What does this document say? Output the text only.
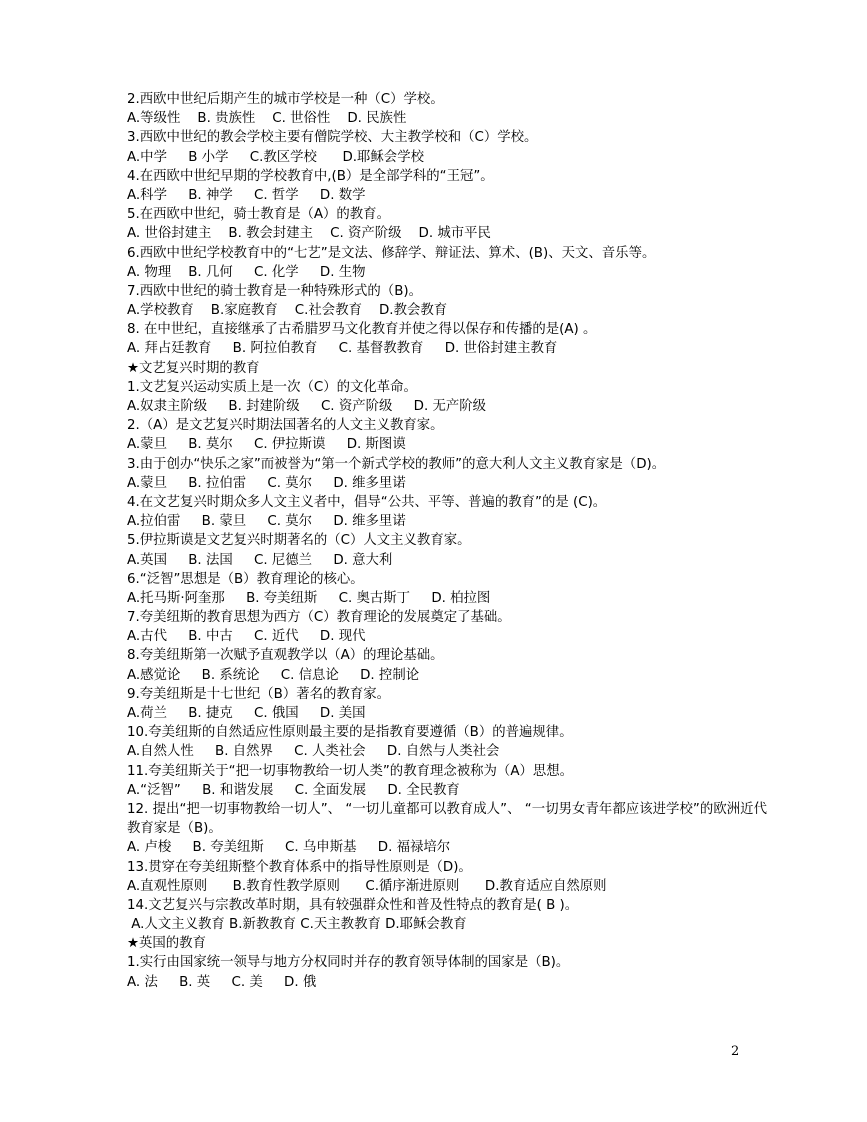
2.西欧中世纪后期产生的城市学校是一种（C）学校。
A.等级性    B. 贵族性    C. 世俗性    D. 民族性
3.西欧中世纪的教会学校主要有僧院学校、大主教学校和（C）学校。
A.中学     B 小学     C.教区学校      D.耶稣会学校
4.在西欧中世纪早期的学校教育中,(B）是全部学科的“王冠”。
A.科学     B. 神学     C. 哲学     D. 数学
5.在西欧中世纪，骑士教育是（A）的教育。
A. 世俗封建主    B. 教会封建主    C. 资产阶级    D. 城市平民
6.西欧中世纪学校教育中的“七艺”是文法、修辞学、辩证法、算术、(B)、天文、音乐等。
A. 物理    B. 几何     C. 化学     D. 生物
7.西欧中世纪的骑士教育是一种特殊形式的（B)。
A.学校教育    B.家庭教育    C.社会教育    D.教会教育
8. 在中世纪，直接继承了古希腊罗马文化教育并使之得以保存和传播的是(A) 。
A. 拜占廷教育     B. 阿拉伯教育     C. 基督教教育     D. 世俗封建主教育
★文艺复兴时期的教育
1.文艺复兴运动实质上是一次（C）的文化革命。
A.奴隶主阶级     B. 封建阶级     C. 资产阶级     D. 无产阶级
2.（A）是文艺复兴时期法国著名的人文主义教育家。
A.蒙旦     B. 莫尔     C. 伊拉斯谟     D. 斯图谟
3.由于创办“快乐之家”而被誉为“第一个新式学校的教师”的意大利人文主义教育家是（D)。
A.蒙旦     B. 拉伯雷     C. 莫尔     D. 维多里诺
4.在文艺复兴时期众多人文主义者中，倡导“公共、平等、普遍的教育”的是 (C)。
A.拉伯雷     B. 蒙旦     C. 莫尔     D. 维多里诺
5.伊拉斯谟是文艺复兴时期著名的（C）人文主义教育家。
A.英国     B. 法国     C. 尼德兰     D. 意大利
6.“泛智”思想是（B）教育理论的核心。
A.托马斯·阿奎那     B. 夸美纽斯     C. 奥古斯丁     D. 柏拉图
7.夸美纽斯的教育思想为西方（C）教育理论的发展奠定了基础。
A.古代     B. 中古     C. 近代     D. 现代
8.夸美纽斯第一次赋予直观教学以（A）的理论基础。
A.感觉论     B. 系统论     C. 信息论     D. 控制论
9.夸美纽斯是十七世纪（B）著名的教育家。
A.荷兰     B. 捷克     C. 俄国     D. 美国
10.夸美纽斯的自然适应性原则最主要的是指教育要遵循（B）的普遍规律。
A.自然人性     B. 自然界     C. 人类社会     D. 自然与人类社会
11.夸美纽斯关于“把一切事物教给一切人类”的教育理念被称为（A）思想。
A.“泛智”     B. 和谐发展     C. 全面发展     D. 全民教育
12. 提出“把一切事物教给一切人”、 “一切儿童都可以教育成人”、 “一切男女青年都应该进学校”的欧洲近代教育家是（B)。
A. 卢梭     B. 夸美纽斯     C. 乌申斯基     D. 福禄培尔
13.贯穿在夸美纽斯整个教育体系中的指导性原则是（D)。
A.直观性原则      B.教育性教学原则      C.循序渐进原则      D.教育适应自然原则
14.文艺复兴与宗教改革时期，具有较强群众性和普及性特点的教育是( B )。
A.人文主义教育 B.新教教育 C.天主教教育 D.耶稣会教育
★英国的教育
1.实行由国家统一领导与地方分权同时并存的教育领导体制的国家是（B)。
A. 法     B. 英     C. 美     D. 俄
2
